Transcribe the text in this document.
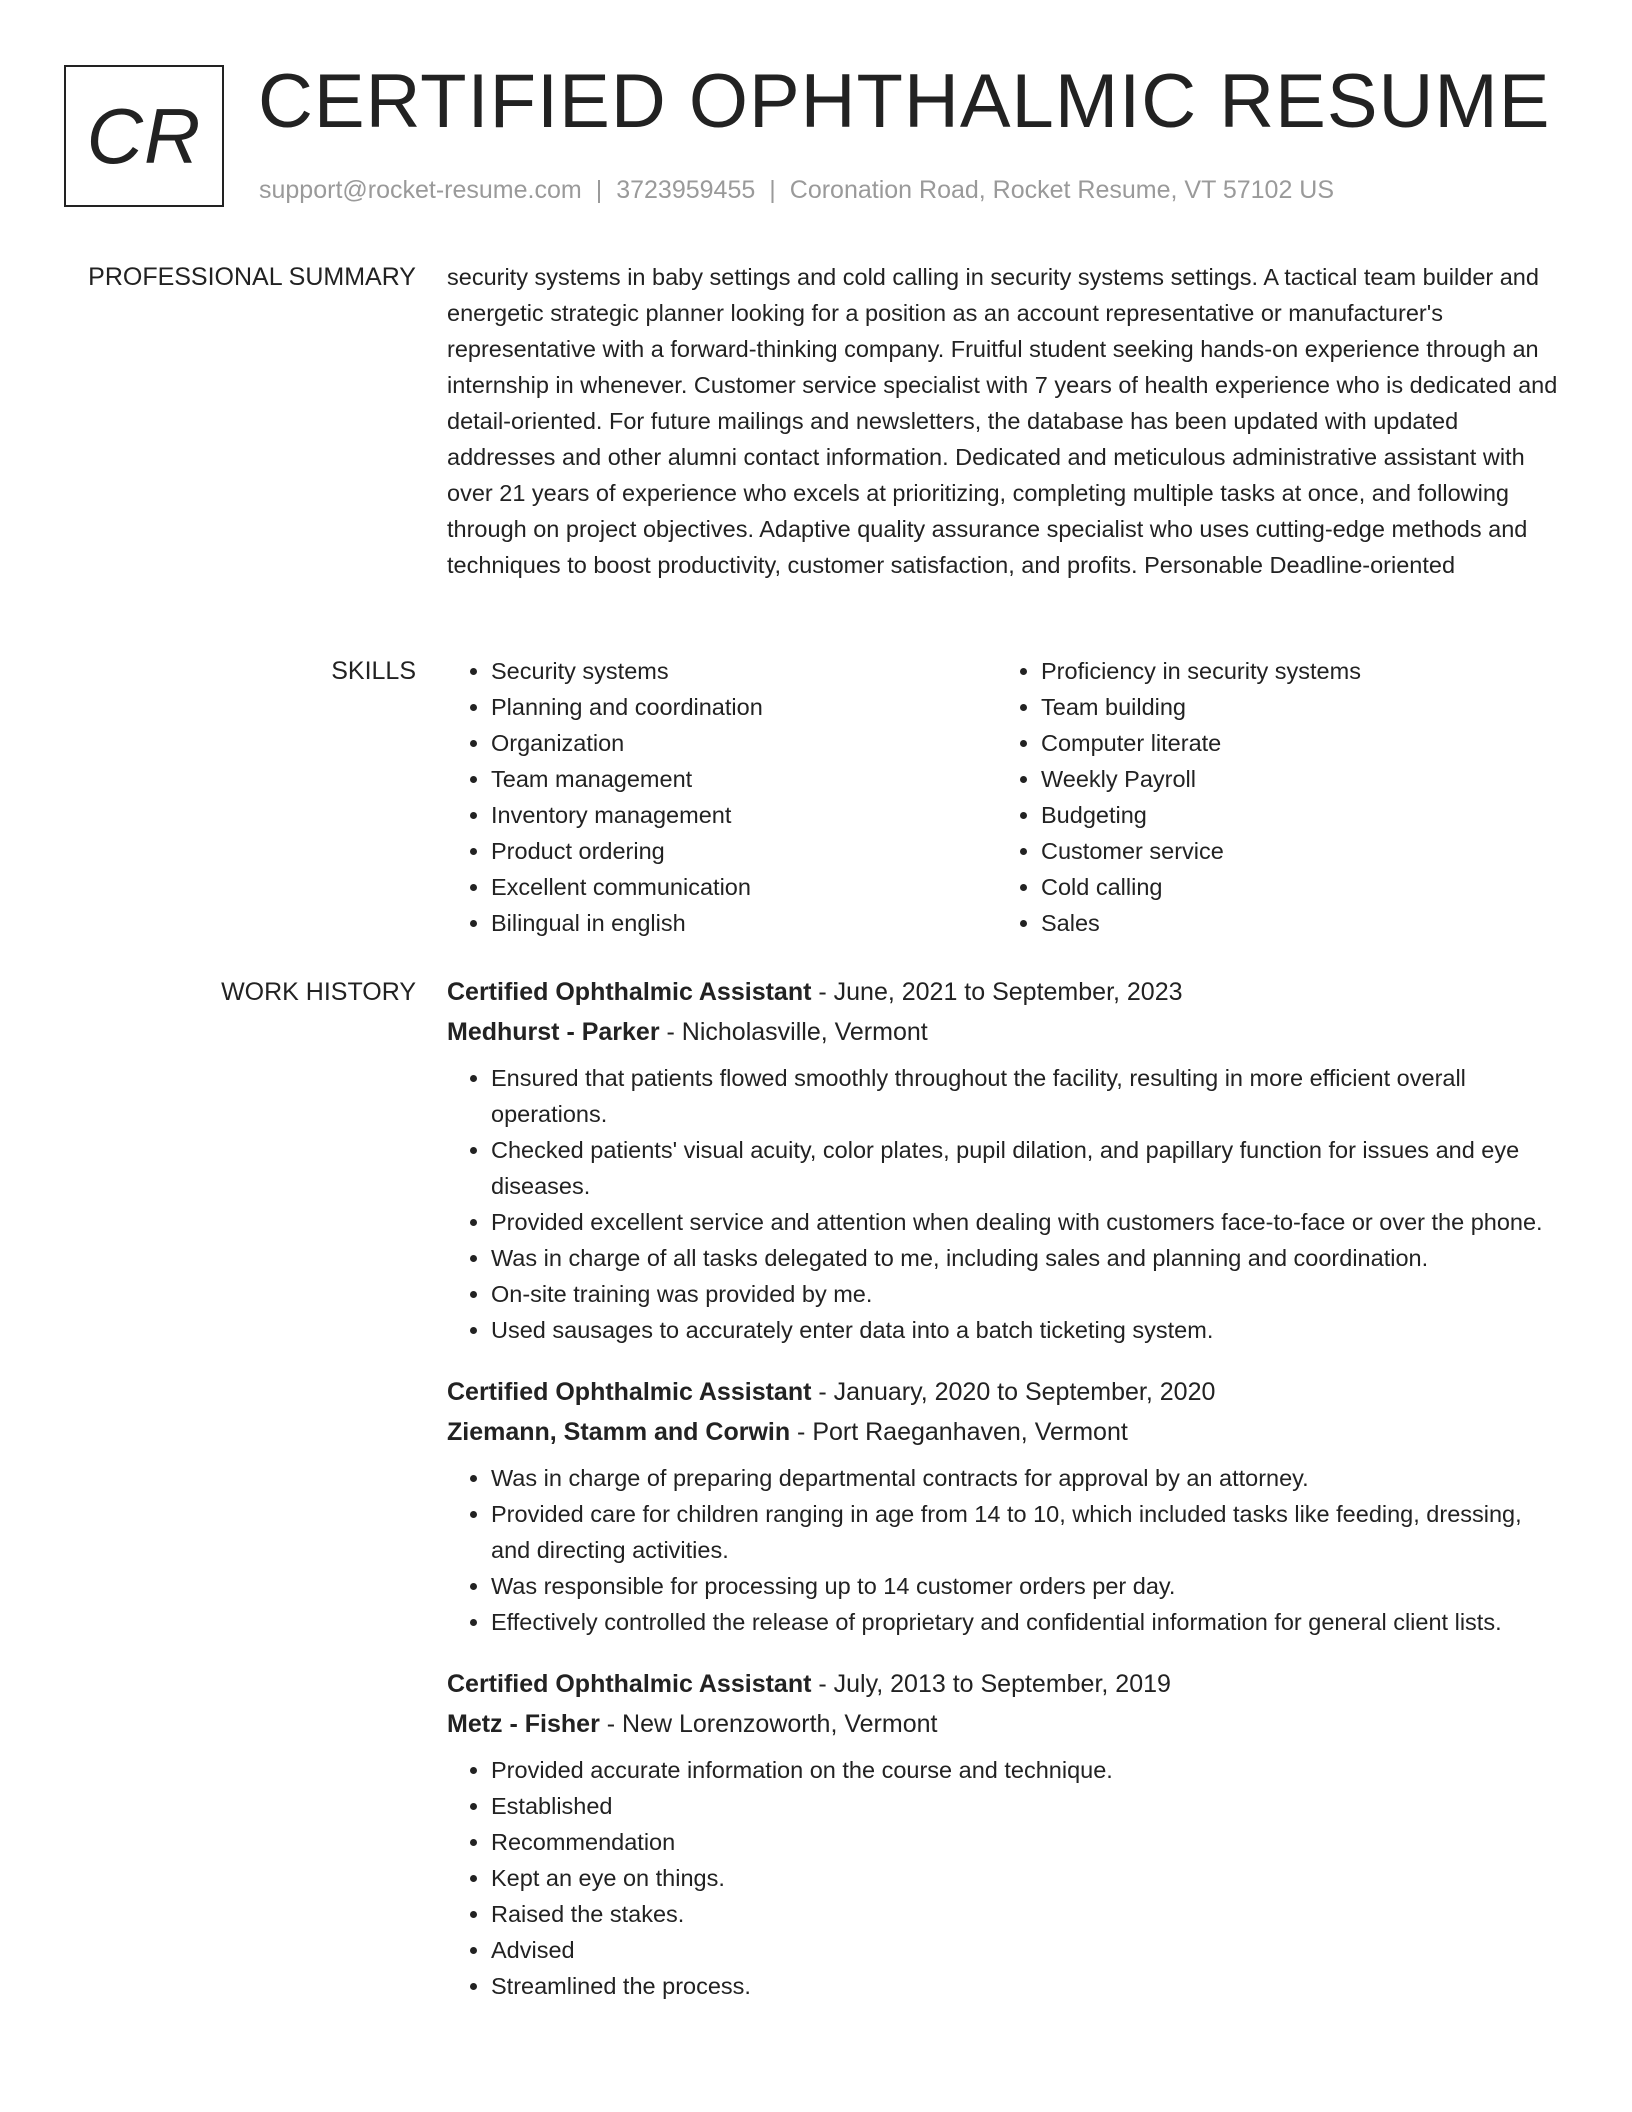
CR CERTIFIED OPHTHALMIC RESUME
support@rocket-resume.com | 3723959455 | Coronation Road, Rocket Resume, VT 57102 US
PROFESSIONAL SUMMARY security systems in baby settings and cold calling in security systems settings. A tactical team builder and energetic strategic planner looking for a position as an account representative or manufacturer's representative with a forward-thinking company. Fruitful student seeking hands-on experience through an internship in whenever. Customer service specialist with 7 years of health experience who is dedicated and detail-oriented. For future mailings and newsletters, the database has been updated with updated addresses and other alumni contact information. Dedicated and meticulous administrative assistant with over 21 years of experience who excels at prioritizing, completing multiple tasks at once, and following through on project objectives. Adaptive quality assurance specialist who uses cutting-edge methods and techniques to boost productivity, customer satisfaction, and profits. Personable Deadline-oriented

SKILLS
•	Security systems
• Planning and coordination
• Organization
• Team management
• Inventory management
• Product ordering
• Excellent communication
• Bilingual in english
• Proficiency in security systems
• Team building
• Computer literate
• Weekly Payroll
• Budgeting
• Customer service
• Cold calling
• Sales
WORK HISTORY Certified Ophthalmic Assistant - June, 2021 to September, 2023
Medhurst - Parker - Nicholasville, Vermont
• Ensured that patients flowed smoothly throughout the facility, resulting in more efficient overall operations.
• Checked patients' visual acuity, color plates, pupil dilation, and papillary function for issues and eye diseases.
• Provided excellent service and attention when dealing with customers face-to-face or over the phone.
• Was in charge of all tasks delegated to me, including sales and planning and coordination.
• On-site training was provided by me.
• Used sausages to accurately enter data into a batch ticketing system.
Certified Ophthalmic Assistant - January, 2020 to September, 2020
Ziemann, Stamm and Corwin - Port Raeganhaven, Vermont
• Was in charge of preparing departmental contracts for approval by an attorney.
• Provided care for children ranging in age from 14 to 10, which included tasks like feeding, dressing, and directing activities.
• Was responsible for processing up to 14 customer orders per day.
• Effectively controlled the release of proprietary and confidential information for general client lists.
Certified Ophthalmic Assistant - July, 2013 to September, 2019
Metz - Fisher - New Lorenzoworth, Vermont
• Provided accurate information on the course and technique.
• Established
• Recommendation
• Kept an eye on things.
• Raised the stakes.
• Advised
• Streamlined the process.
